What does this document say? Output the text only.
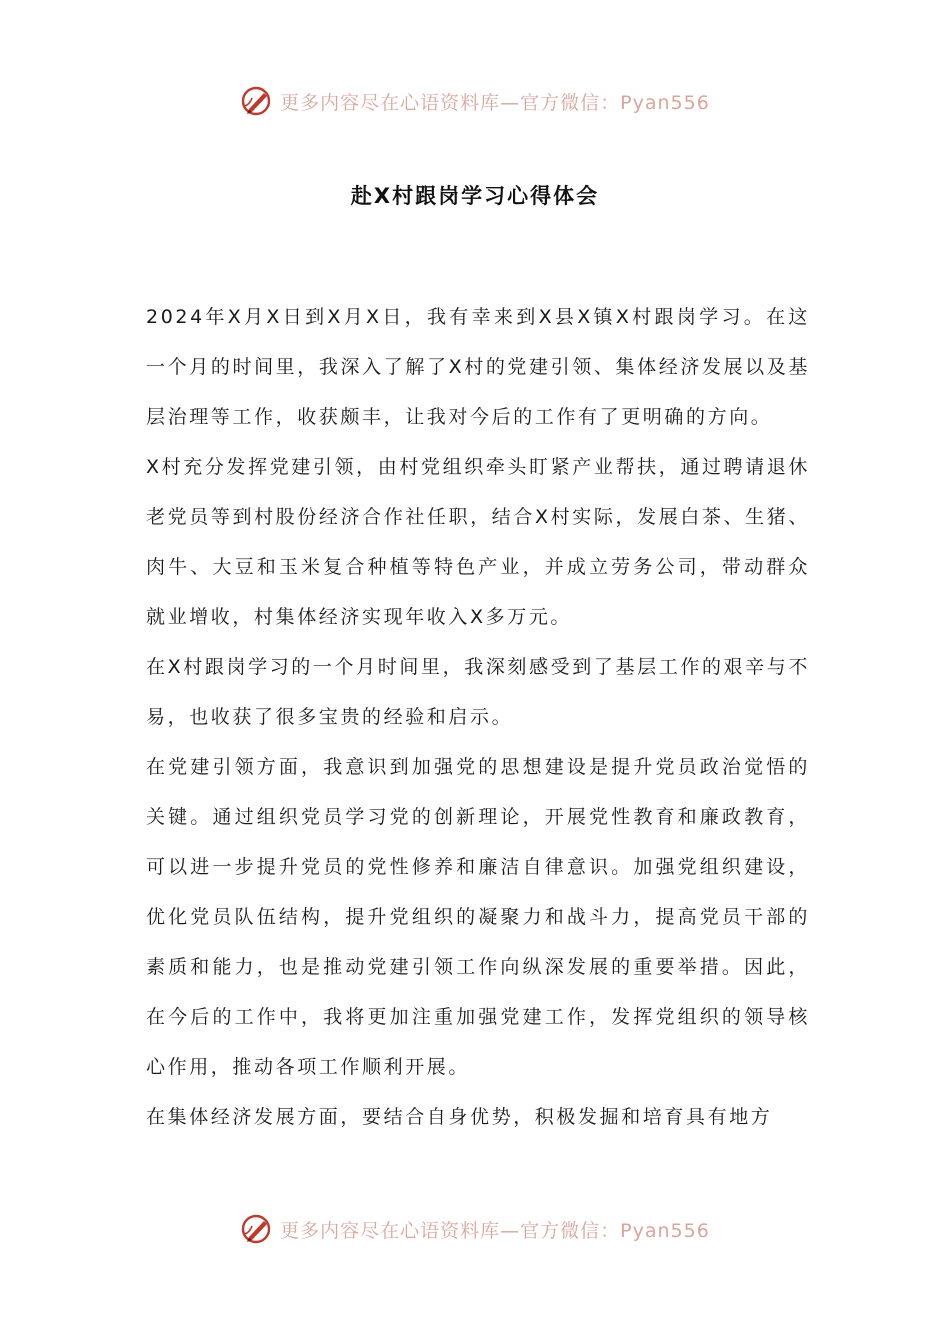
更多内容尽在心语资料库—官方微信：Pyan556
赴X村跟岗学习心得体会

2024年X月X日到X月X日，我有幸来到X县X镇X村跟岗学习。在这一个月的时间里，我深入了解了X村的党建引领、集体经济发展以及基层治理等工作，收获颇丰，让我对今后的工作有了更明确的方向。

X村充分发挥党建引领，由村党组织牵头盯紧产业帮扶，通过聘请退休老党员等到村股份经济合作社任职，结合X村实际，发展白茶、生猪、肉牛、大豆和玉米复合种植等特色产业，并成立劳务公司，带动群众就业增收，村集体经济实现年收入X多万元。

在X村跟岗学习的一个月时间里，我深刻感受到了基层工作的艰辛与不易，也收获了很多宝贵的经验和启示。

在党建引领方面，我意识到加强党的思想建设是提升党员政治觉悟的关键。通过组织党员学习党的创新理论，开展党性教育和廉政教育，可以进一步提升党员的党性修养和廉洁自律意识。加强党组织建设，优化党员队伍结构，提升党组织的凝聚力和战斗力，提高党员干部的素质和能力，也是推动党建引领工作向纵深发展的重要举措。因此，在今后的工作中，我将更加注重加强党建工作，发挥党组织的领导核心作用，推动各项工作顺利开展。

在集体经济发展方面，要结合自身优势，积极发掘和培育具有地方

更多内容尽在心语资料库—官方微信：Pyan556
